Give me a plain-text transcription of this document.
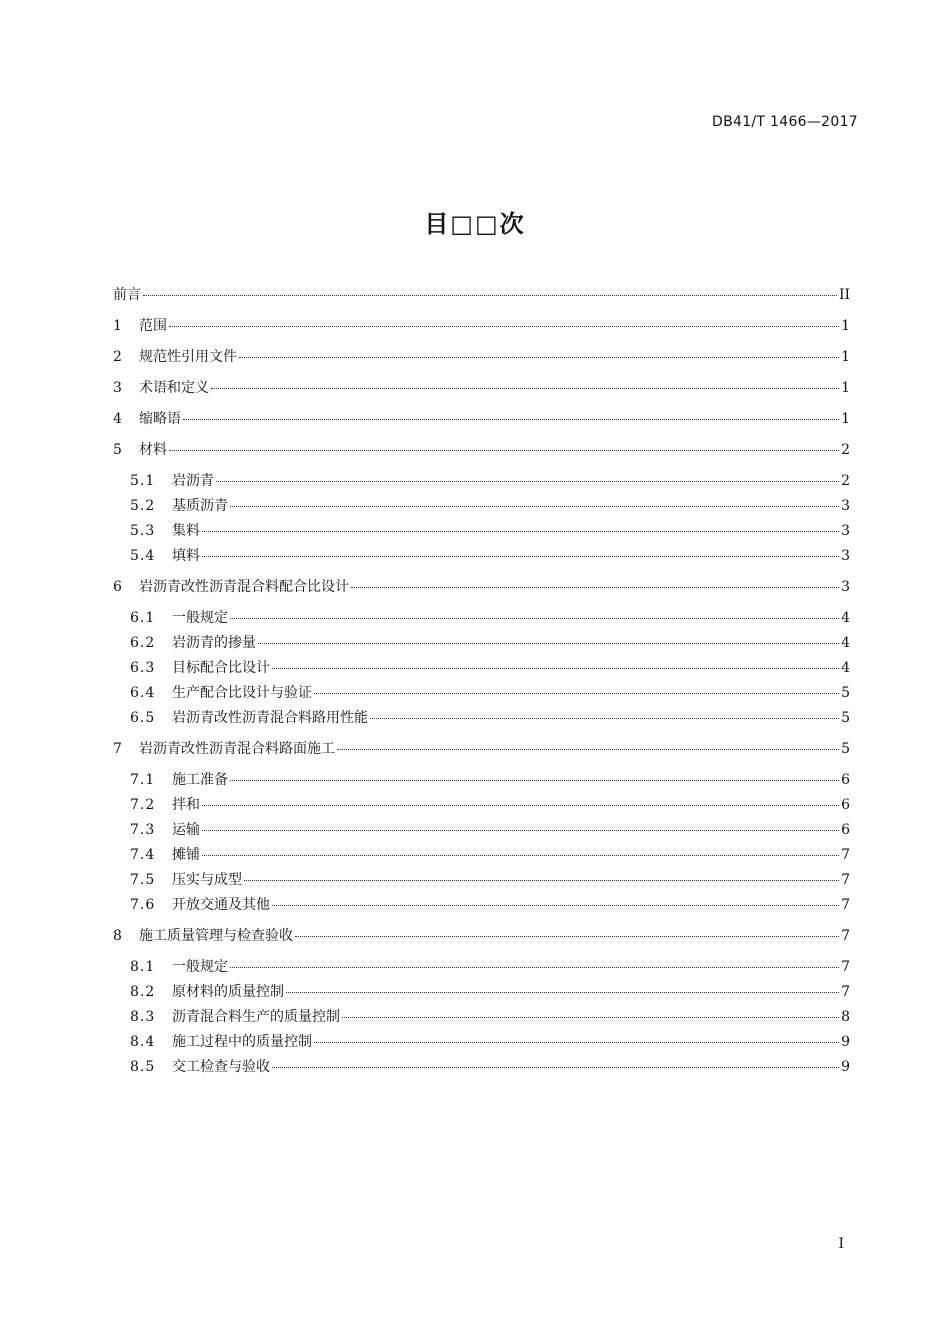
DB41/T 1466—2017
目□□次
前言	II
1	范围	1
2	规范性引用文件	1
3	术语和定义	1
4	缩略语	1
5	材料	2
5.1	岩沥青	2
5.2	基质沥青	3
5.3	集料	3
5.4	填料	3
6	岩沥青改性沥青混合料配合比设计	3
6.1	一般规定	4
6.2	岩沥青的掺量	4
6.3	目标配合比设计	4
6.4	生产配合比设计与验证	5
6.5	岩沥青改性沥青混合料路用性能	5
7	岩沥青改性沥青混合料路面施工	5
7.1	施工准备	6
7.2	拌和	6
7.3	运输	6
7.4	摊铺	7
7.5	压实与成型	7
7.6	开放交通及其他	7
8	施工质量管理与检查验收	7
8.1	一般规定	7
8.2	原材料的质量控制	7
8.3	沥青混合料生产的质量控制	8
8.4	施工过程中的质量控制	9
8.5	交工检查与验收	9
I
